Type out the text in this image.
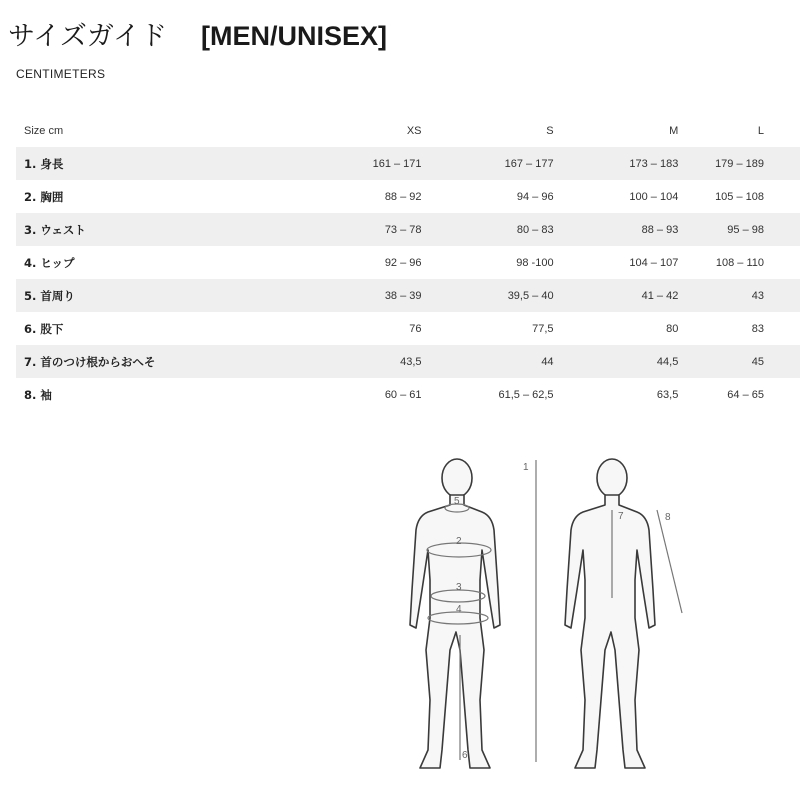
サイズガイド [MEN/UNISEX]
CENTIMETERS
Size cm	XS	S	M	L
1. 身長	161 – 171	167 – 177	173 – 183	179 – 189
2. 胸囲	88 – 92	94 – 96	100 – 104	105 – 108
3. ウェスト	73 – 78	80 – 83	88 – 93	95 – 98
4. ヒップ	92 – 96	98 -100	104 – 107	108 – 110
5. 首周り	38 – 39	39,5 – 40	41 – 42	43
6. 股下	76	77,5	80	83
7. 首のつけ根からおへそ	43,5	44	44,5	45
8. 袖	60 – 61	61,5 – 62,5	63,5	64 – 65
1
2
3
4
5
6
7	8
